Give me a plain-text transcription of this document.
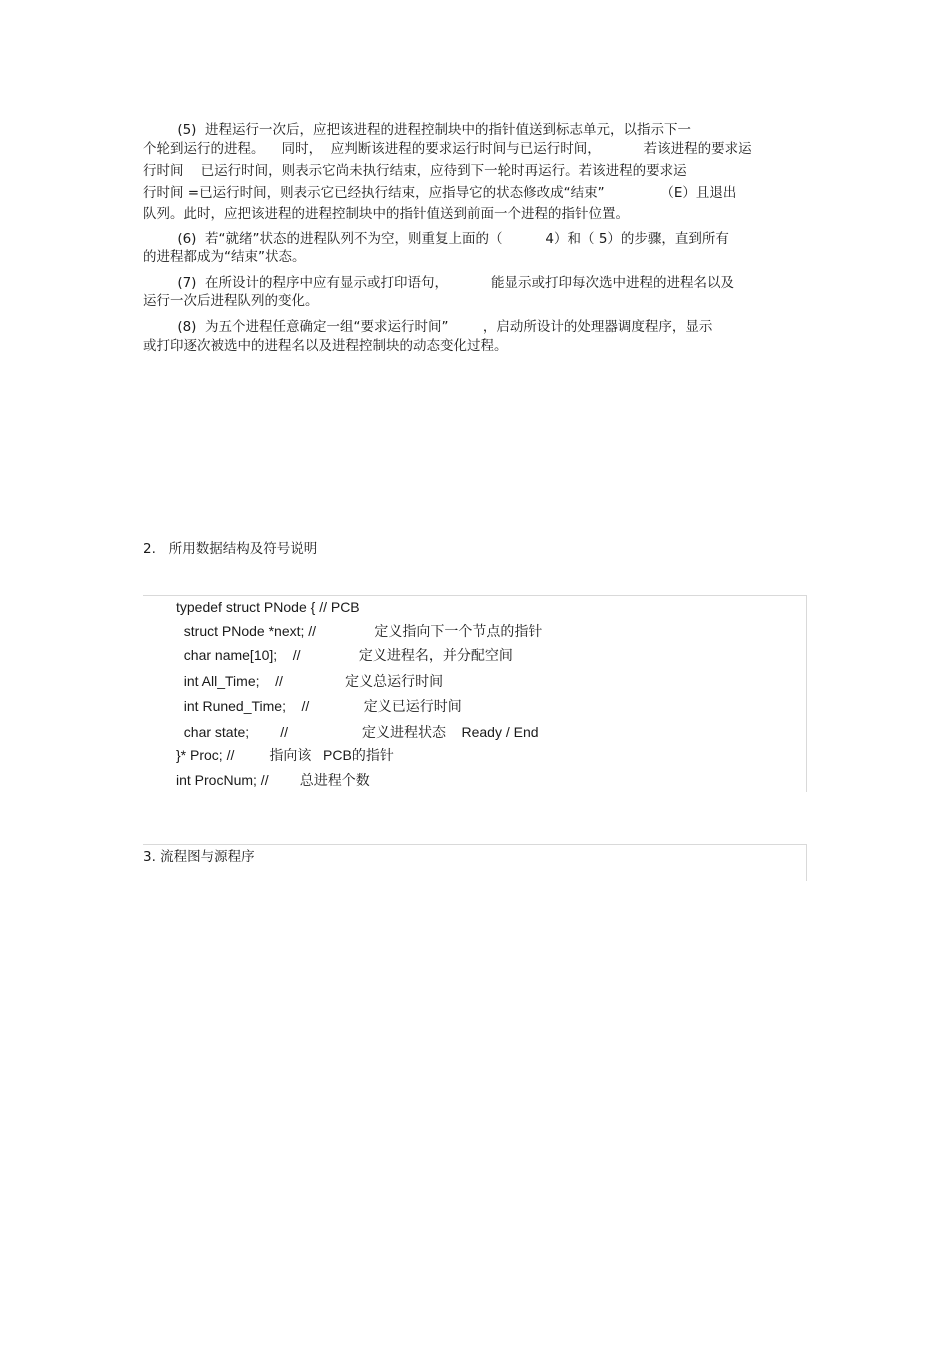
(5)  进程运行一次后，应把该进程的进程控制块中的指针值送到标志单元，以指示下一

个轮到运行的进程。    同时，  应判断该进程的要求运行时间与已运行时间，          若该进程的要求运

行时间    已运行时间，则表示它尚未执行结束，应待到下一轮时再运行。若该进程的要求运

行时间 =已运行时间，则表示它已经执行结束，应指导它的状态修改成“结束”             （E）且退出

队列。此时，应把该进程的进程控制块中的指针值送到前面一个进程的指针位置。

(6)  若“就绪”状态的进程队列不为空，则重复上面的（          4）和（ 5）的步骤，直到所有

的进程都成为“结束”状态。

(7)  在所设计的程序中应有显示或打印语句，          能显示或打印每次选中进程的进程名以及

运行一次后进程队列的变化。

(8)  为五个进程任意确定一组“要求运行时间”        ，启动所设计的处理器调度程序，显示

或打印逐次被选中的进程名以及进程控制块的动态变化过程。

2.   所用数据结构及符号说明

typedef struct PNode { // PCB

struct PNode *next; //               定义指向下一个节点的指针

char name[10];    //               定义进程名，并分配空间

int All_Time;    //                定义总运行时间

int Runed_Time;    //              定义已运行时间

char state;        //                   定义进程状态    Ready / End

}* Proc; //         指向该   PCB的指针

int ProcNum; //        总进程个数

3. 流程图与源程序
